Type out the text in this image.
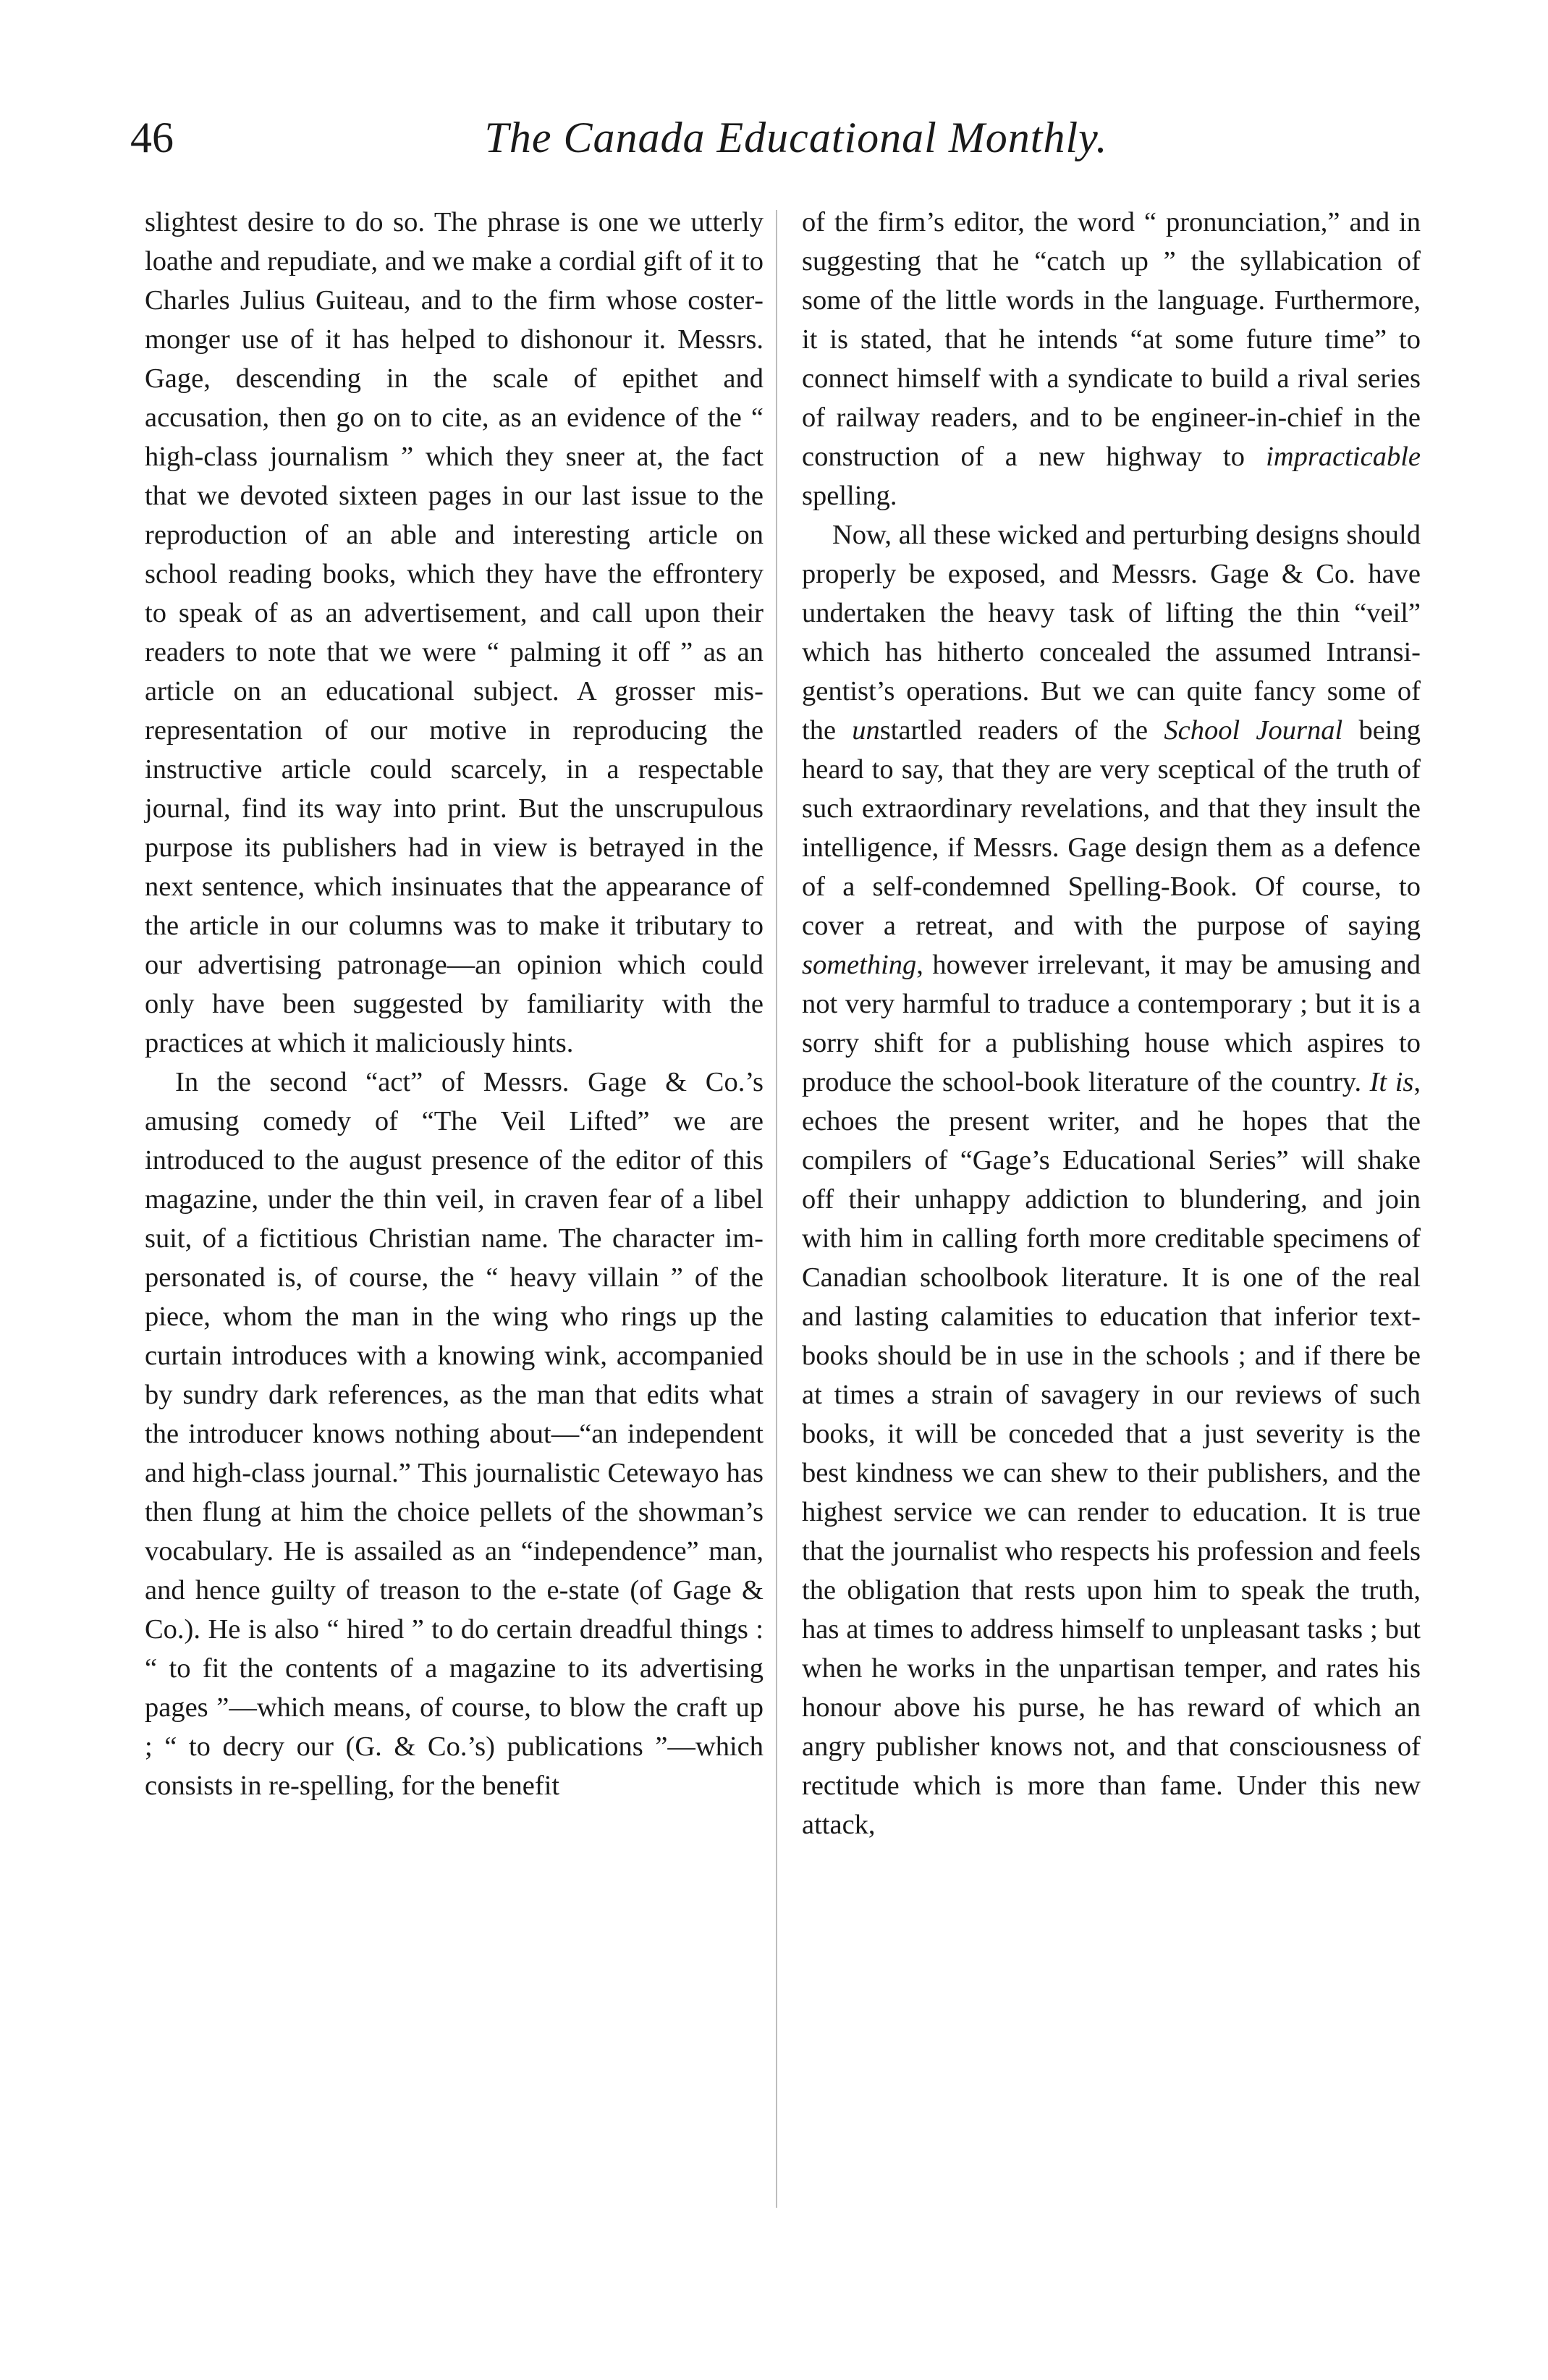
46	The Canada Educational Monthly.

slightest desire to do so. The phrase is one we utterly loathe and repudiate, and we make a cordial gift of it to Charles Julius Guiteau, and to the firm whose costermonger use of it has helped to dishonour it. Messrs. Gage, descending in the scale of epithet and accusation, then go on to cite, as an evidence of the “ high-class journalism ” which they sneer at, the fact that we devoted sixteen pages in our last issue to the reproduction of an able and interesting article on school reading books, which they have the effrontery to speak of as an advertisement, and call upon their readers to note that we were “ palming it off ” as an article on an educational subject. A grosser misrepresentation of our motive in reproducing the instructive article could scarcely, in a respectable journal, find its way into print. But the unscrupulous purpose its publishers had in view is betrayed in the next sentence, which insinuates that the appearance of the article in our columns was to make it tributary to our advertising patronage—an opinion which could only have been suggested by familiarity with the practices at which it maliciously hints.

In the second “act” of Messrs. Gage & Co.’s amusing comedy of “The Veil Lifted” we are introduced to the august presence of the editor of this magazine, under the thin veil, in craven fear of a libel suit, of a fictitious Christian name. The character impersonated is, of course, the “ heavy villain ” of the piece, whom the man in the wing who rings up the curtain introduces with a knowing wink, accompanied by sundry dark references, as the man that edits what the introducer knows nothing about—“an independent and high-class journal.” This journalistic Cetewayo has then flung at him the choice pellets of the showman’s vocabulary. He is assailed as an “independence” man, and hence guilty of treason to the e-state (of Gage & Co.). He is also “ hired ” to do certain dreadful things : “ to fit the contents of a magazine to its advertising pages ”—which means, of course, to blow the craft up ; “ to decry our (G. & Co.’s) publications ”—which consists in re-spelling, for the benefit

of the firm’s editor, the word “ pronunciation,” and in suggesting that he “catch up ” the syllabication of some of the little words in the language. Furthermore, it is stated, that he intends “at some future time” to connect himself with a syndicate to build a rival series of railway readers, and to be engineer-in-chief in the construction of a new highway to impracticable spelling.

Now, all these wicked and perturbing designs should properly be exposed, and Messrs. Gage & Co. have undertaken the heavy task of lifting the thin “veil” which has hitherto concealed the assumed Intransigentist’s operations. But we can quite fancy some of the unstartled readers of the School Journal being heard to say, that they are very sceptical of the truth of such extraordinary revelations, and that they insult the intelligence, if Messrs. Gage design them as a defence of a self-condemned Spelling-Book. Of course, to cover a retreat, and with the purpose of saying something, however irrelevant, it may be amusing and not very harmful to traduce a contemporary ; but it is a sorry shift for a publishing house which aspires to produce the school-book literature of the country. It is, echoes the present writer, and he hopes that the compilers of “Gage’s Educational Series” will shake off their unhappy addiction to blundering, and join with him in calling forth more creditable specimens of Canadian schoolbook literature. It is one of the real and lasting calamities to education that inferior text-books should be in use in the schools ; and if there be at times a strain of savagery in our reviews of such books, it will be conceded that a just severity is the best kindness we can shew to their publishers, and the highest service we can render to education. It is true that the journalist who respects his profession and feels the obligation that rests upon him to speak the truth, has at times to address himself to unpleasant tasks ; but when he works in the unpartisan temper, and rates his honour above his purse, he has reward of which an angry publisher knows not, and that consciousness of rectitude which is more than fame. Under this new attack,
